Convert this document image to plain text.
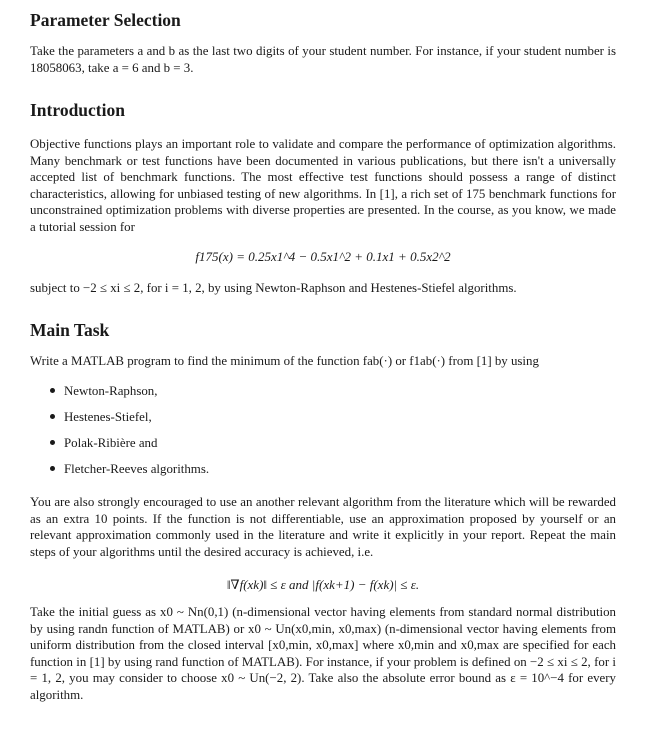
Parameter Selection

Take the parameters a and b as the last two digits of your student number. For instance, if your student number is 18058063, take a = 6 and b = 3.

Introduction

Objective functions plays an important role to validate and compare the performance of optimization algorithms. Many benchmark or test functions have been documented in various publications, but there isn't a universally accepted list of benchmark functions. The most effective test functions should possess a range of distinct characteristics, allowing for unbiased testing of new algorithms. In [1], a rich set of 175 benchmark functions for unconstrained optimization problems with diverse properties are presented. In the course, as you know, we made a tutorial session for

f175(x) = 0.25x1^4 − 0.5x1^2 + 0.1x1 + 0.5x2^2

subject to −2 ≤ xi ≤ 2, for i = 1, 2, by using Newton-Raphson and Hestenes-Stiefel algorithms.

Main Task

Write a MATLAB program to find the minimum of the function fab(·) or f1ab(·) from [1] by using

Newton-Raphson,
Hestenes-Stiefel,
Polak-Ribière and
Fletcher-Reeves algorithms.

You are also strongly encouraged to use an another relevant algorithm from the literature which will be rewarded as an extra 10 points. If the function is not differentiable, use an approximation proposed by yourself or an relevant approximation commonly used in the literature and write it explicitly in your report. Repeat the main steps of your algorithms until the desired accuracy is achieved, i.e.

‖∇f(xk)‖ ≤ ε and |f(xk+1) − f(xk)| ≤ ε.

Take the initial guess as x0 ~ Nn(0,1) (n-dimensional vector having elements from standard normal distribution by using randn function of MATLAB) or x0 ~ Un(x0,min, x0,max) (n-dimensional vector having elements from uniform distribution from the closed interval [x0,min, x0,max] where x0,min and x0,max are specified for each function in [1] by using rand function of MATLAB). For instance, if your problem is defined on −2 ≤ xi ≤ 2, for i = 1, 2, you may consider to choose x0 ~ Un(−2, 2). Take also the absolute error bound as ε = 10^−4 for every algorithm.
